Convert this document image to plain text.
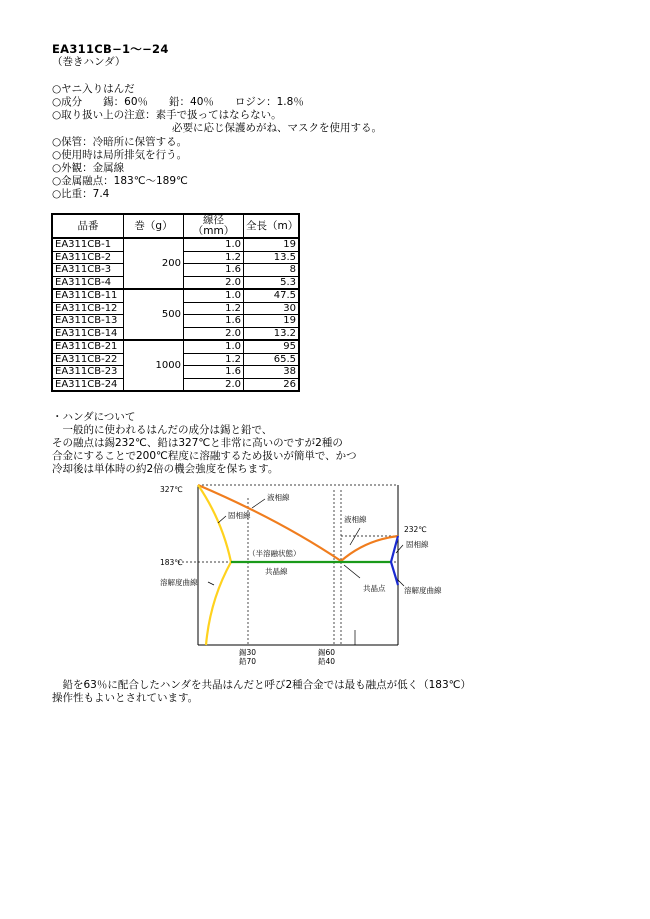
EA311CB−1〜−24
（巻きハンダ）
○ヤニ入りはんだ
○成分　　錫：60％　　鉛：40％　　ロジン：1.8％
○取り扱い上の注意：素手で扱ってはならない。
必要に応じ保護めがね、マスクを使用する。
○保管：冷暗所に保管する。
○使用時は局所排気を行う。
○外観：金属線
○金属融点：183℃〜189℃
○比重：7.4
品番	巻（g）	線径（mm）	全長（m）
EA311CB-1	200	1.0	19
EA311CB-2		1.2	13.5
EA311CB-3		1.6	8
EA311CB-4		2.0	5.3
EA311CB-11	500	1.0	47.5
EA311CB-12		1.2	30
EA311CB-13		1.6	19
EA311CB-14		2.0	13.2
EA311CB-21	1000	1.0	95
EA311CB-22		1.2	65.5
EA311CB-23		1.6	38
EA311CB-24		2.0	26
・ハンダについて
　一般的に使われるはんだの成分は錫と鉛で、
その融点は錫232℃、鉛は327℃と非常に高いのですが2種の
合金にすることで200℃程度に溶融するため扱いが簡単で、かつ
冷却後は単体時の約2倍の機会強度を保ちます。
327℃
232℃
183℃
液相線
固相線	液相線
固相線
（半溶融状態）
共晶線
共晶点
溶解度曲線
溶解度曲線
錫30
鉛70
錫60
鉛40
　鉛を63％に配合したハンダを共晶はんだと呼び2種合金では最も融点が低く（183℃）
操作性もよいとされています。
